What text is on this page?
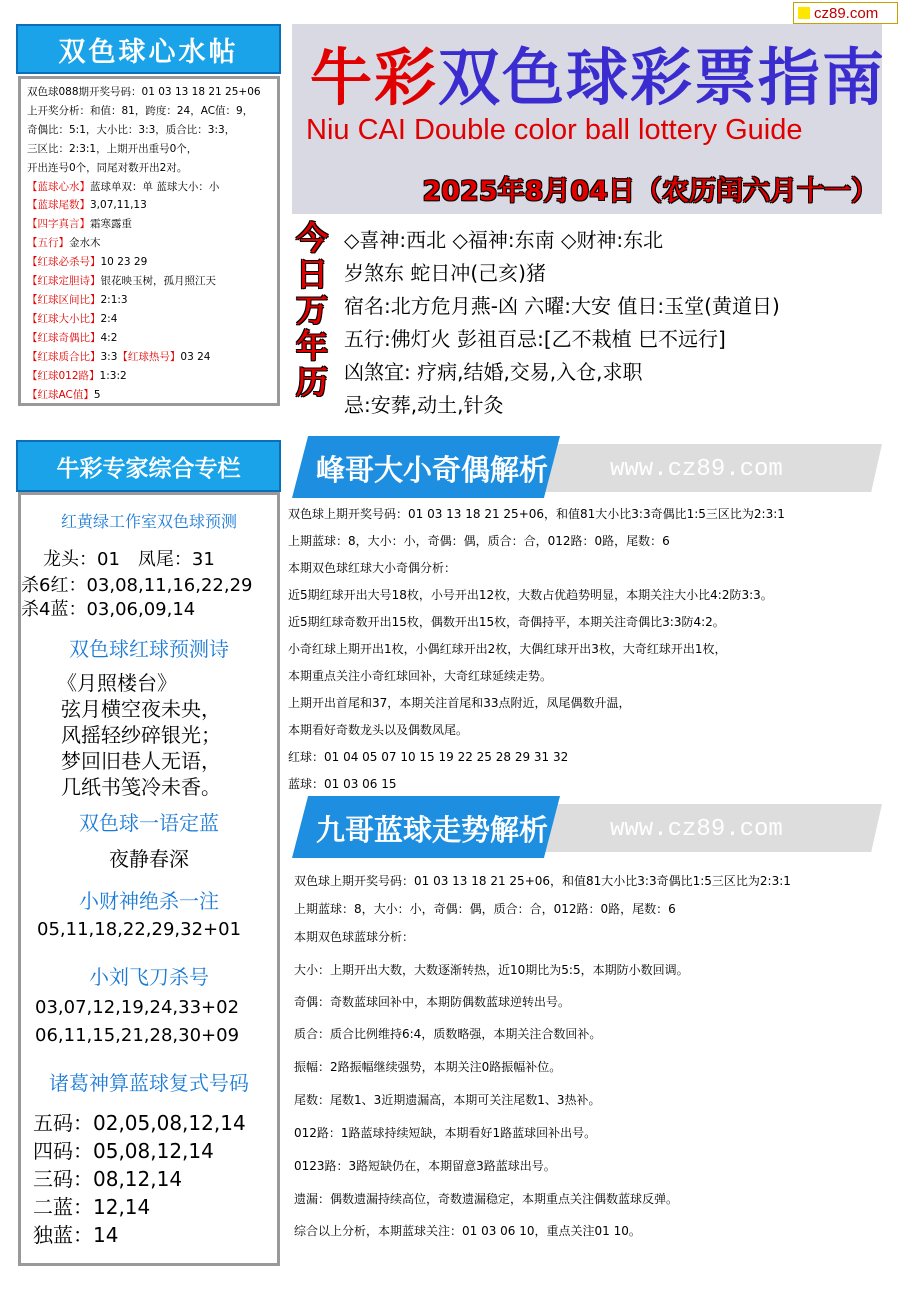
cz89.com
双色球心水帖
双色球088期开奖号码：01 03 13 18 21 25+06
上开奖分析：和值：81，跨度：24，AC值：9，
奇偶比：5:1，大小比：3:3，质合比：3:3，
三区比：2:3:1，上期开出重号0个，
开出连号0个，同尾对数开出2对。
【蓝球心水】蓝球单双：单 蓝球大小：小
【蓝球尾数】3,07,11,13
【四字真言】霜寒露重
【五行】金水木
【红球必杀号】10 23 29
【红球定胆诗】银花映玉树，孤月照江天
【红球区间比】2:1:3
【红球大小比】2:4
【红球奇偶比】4:2
【红球质合比】3:3【红球热号】03 24
【红球012路】1:3:2
【红球AC值】5
牛彩双色球彩票指南
Niu CAI Double color ball lottery Guide
2025年8月04日（农历闰六月十一）
今
日
万
年
历
◇喜神:西北 ◇福神:东南 ◇财神:东北
岁煞东 蛇日冲(己亥)猪
宿名:北方危月燕-凶 六曜:大安 值日:玉堂(黄道日)
五行:佛灯火 彭祖百忌:[乙不栽植 巳不远行]
凶煞宜: 疗病,结婚,交易,入仓,求职
忌:安葬,动土,针灸
峰哥大小奇偶解析	www.cz89.com
双色球上期开奖号码：01 03 13 18 21 25+06，和值81大小比3:3奇偶比1:5三区比为2:3:1
上期蓝球：8，大小：小，奇偶：偶，质合：合，012路：0路，尾数：6
本期双色球红球大小奇偶分析：
近5期红球开出大号18枚，小号开出12枚，大数占优趋势明显，本期关注大小比4:2防3:3。
近5期红球奇数开出15枚，偶数开出15枚，奇偶持平，本期关注奇偶比3:3防4:2。
小奇红球上期开出1枚，小偶红球开出2枚，大偶红球开出3枚，大奇红球开出1枚，
本期重点关注小奇红球回补，大奇红球延续走势。
上期开出首尾和37，本期关注首尾和33点附近，凤尾偶数升温，
本期看好奇数龙头以及偶数凤尾。
红球：01 04 05 07 10 15 19 22 25 28 29 31 32
蓝球：01 03 06 15
九哥蓝球走势解析	www.cz89.com
双色球上期开奖号码：01 03 13 18 21 25+06，和值81大小比3:3奇偶比1:5三区比为2:3:1
上期蓝球：8，大小：小，奇偶：偶，质合：合，012路：0路，尾数：6
本期双色球蓝球分析：
大小：上期开出大数，大数逐渐转热，近10期比为5:5，本期防小数回调。
奇偶：奇数蓝球回补中，本期防偶数蓝球逆转出号。
质合：质合比例维持6:4，质数略强，本期关注合数回补。
振幅：2路振幅继续强势，本期关注0路振幅补位。
尾数：尾数1、3近期遗漏高，本期可关注尾数1、3热补。
012路：1路蓝球持续短缺，本期看好1路蓝球回补出号。
0123路：3路短缺仍在，本期留意3路蓝球出号。
遗漏：偶数遗漏持续高位，奇数遗漏稳定，本期重点关注偶数蓝球反弹。
综合以上分析，本期蓝球关注：01 03 06 10，重点关注01 10。
牛彩专家综合专栏
红黄绿工作室双色球预测
龙头：01　凤尾：31
杀6红：03,08,11,16,22,29
杀4蓝：03,06,09,14
双色球红球预测诗
《月照楼台》
弦月横空夜未央，
风摇轻纱碎银光；
梦回旧巷人无语，
几纸书笺冷未香。
双色球一语定蓝
夜静春深
小财神绝杀一注
05,11,18,22,29,32+01
小刘飞刀杀号
03,07,12,19,24,33+02
06,11,15,21,28,30+09
诸葛神算蓝球复式号码
五码：02,05,08,12,14
四码：05,08,12,14
三码：08,12,14
二蓝：12,14
独蓝：14
